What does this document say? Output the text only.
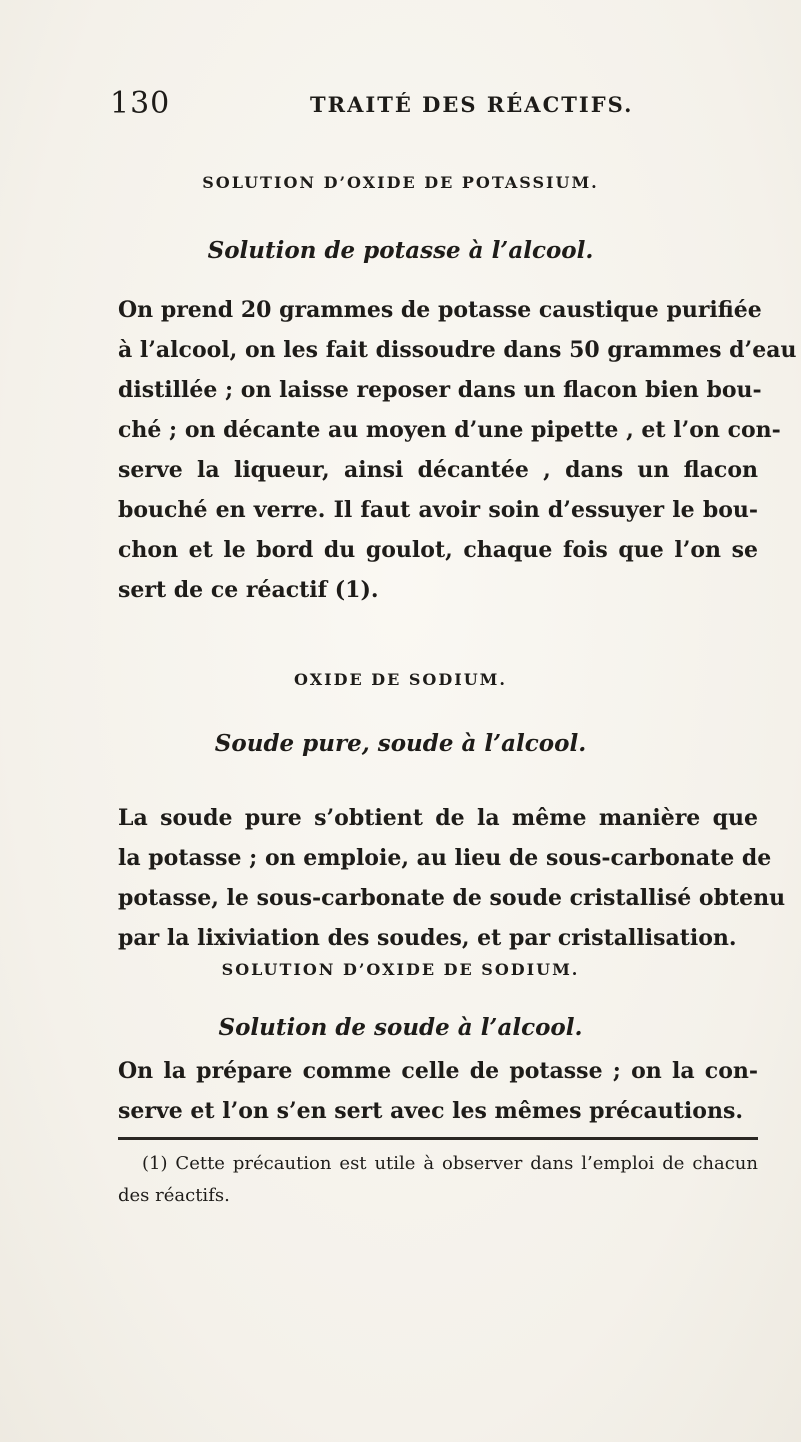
130	TRAITÉ DES RÉACTIFS.
SOLUTION D’OXIDE DE POTASSIUM.
Solution de potasse à l’alcool.
On prend 20 grammes de potasse caustique purifiée
à l’alcool, on les fait dissoudre dans 50 grammes d’eau
distillée ; on laisse reposer dans un flacon bien bou-
ché ; on décante au moyen d’une pipette , et l’on con-
serve la liqueur, ainsi décantée , dans un flacon
bouché en verre. Il faut avoir soin d’essuyer le bou-
chon et le bord du goulot, chaque fois que l’on se
sert de ce réactif (1).
OXIDE DE SODIUM.
Soude pure, soude à l’alcool.
La soude pure s’obtient de la même manière que
la potasse ; on emploie, au lieu de sous-carbonate de
potasse, le sous-carbonate de soude cristallisé obtenu
par la lixiviation des soudes, et par cristallisation.
SOLUTION D’OXIDE DE SODIUM.
Solution de soude à l’alcool.
On la prépare comme celle de potasse ; on la con-
serve et l’on s’en sert avec les mêmes précautions.
(1) Cette précaution est utile à observer dans l’emploi de chacun
des réactifs.
